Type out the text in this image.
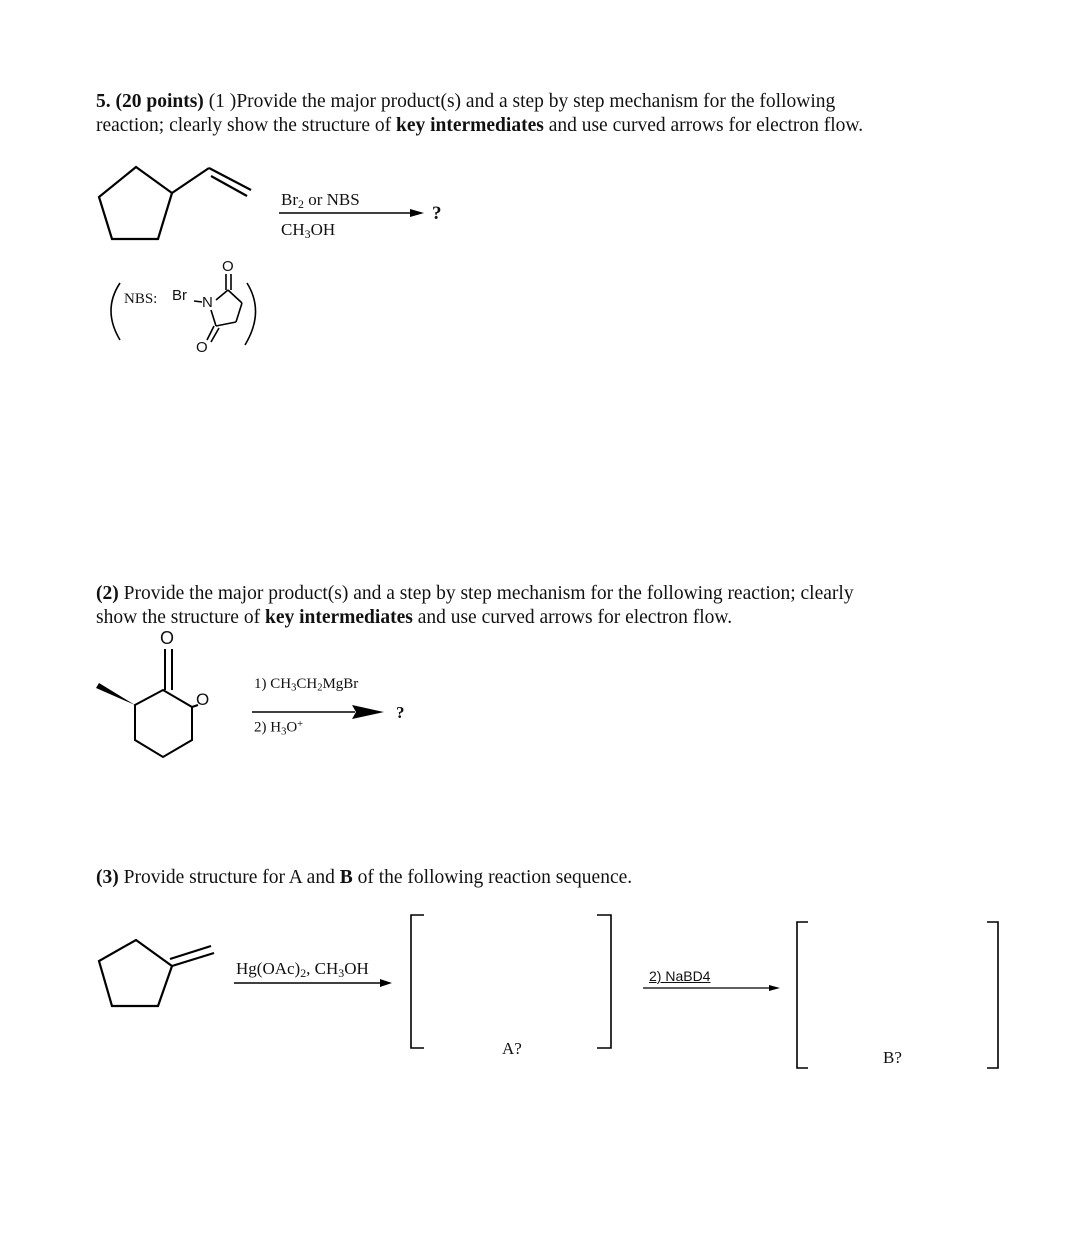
5. (20 points) (1 )Provide the major product(s) and a step by step mechanism for the following
reaction; clearly show the structure of key intermediates and use curved arrows for electron flow.
$Br_2$ or NBS
$CH_3OH$
?
NBS: Br N
O
O
(2) Provide the major product(s) and a step by step mechanism for the following reaction; clearly
show the structure of key intermediates and use curved arrows for electron flow.
O
O
1) $CH_3CH_2MgBr$
2) $H_3O^+$
?
(3) Provide structure for A and B of the following reaction sequence.
$Hg(OAc)_2$, $CH_3OH$	2) NaBD4
A?	B?
